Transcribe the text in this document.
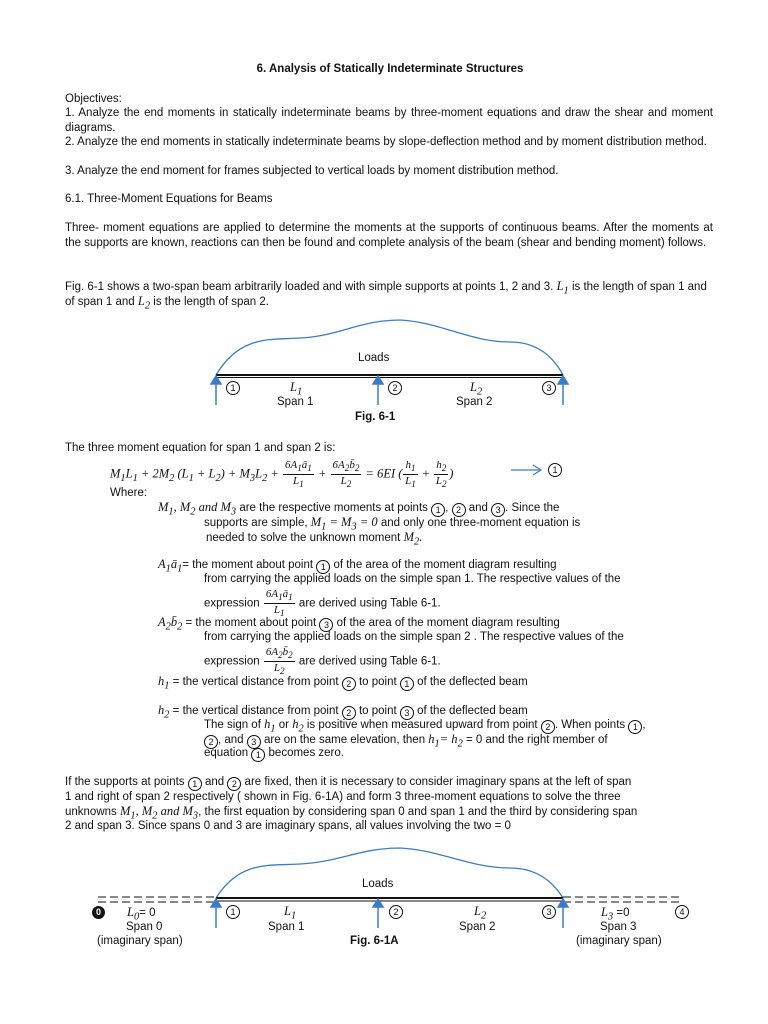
6. Analysis of Statically Indeterminate Structures
Objectives:
1. Analyze the end moments in statically indeterminate beams by three-moment equations and draw the shear and moment diagrams.
2. Analyze the end moments in statically indeterminate beams by slope-deflection method and by moment distribution method.
3. Analyze the end moment for frames subjected to vertical loads by moment distribution method.
6.1. Three-Moment Equations for Beams
Three- moment equations are applied to determine the moments at the supports of continuous beams. After the moments at the supports are known, reactions can then be found and complete analysis of the beam (shear and bending moment) follows.
Fig. 6-1 shows a two-span beam arbitrarily loaded and with simple supports at points 1, 2 and 3. $L_1$ is the length of span 1 and
of span 1 and $L_2$ is the length of span 2.
Loads
1	2	3
$L_1$	$L_2$
Span 1	Span 2
Fig. 6-1
The three moment equation for span 1 and span 2 is:
$M_1L_1 + 2M_2$ $(L_1 + L_2) + M_3L_2 + \frac{6A_1ā_1}{L_1} + \frac{6A_2b̄_2}{L_2} = 6EI$ ( $\frac{h_1}{L_1} + \frac{h_2}{L_2}$ )	1
Where:
$M_1$, $M_2$ and $M_3$ are the respective moments at points 1 , 2 and 3 . Since the
supports are simple, $M_1 = M_3 = 0$ and only one three-moment equation is
needed to solve the unknown moment $M_2$.
$A_1ā_1=$ the moment about point 1 of the area of the moment diagram resulting
from carrying the applied loads on the simple span 1. The respective values of the
expression $\frac{6A_1ā_1}{L_1}$ are derived using Table 6-1.
$A_2b̄_2$ = the moment about point 3 of the area of the moment diagram resulting
from carrying the applied loads on the simple span 2 . The respective values of the
expression $\frac{6A_2b̄_2}{L_2}$ are derived using Table 6-1.
$h_1$ = the vertical distance from point 2 to point 1 of the deflected beam
$h_2$ = the vertical distance from point 2 to point 3 of the deflected beam
The sign of $h_1$ or $h_2$ is positive when measured upward from point 2 . When points 1 ,
2 , and 3 are on the same elevation, then $h_1= h_2 = 0$ and the right member of
equation 1 becomes zero.
If the supports at points 1 and 2 are fixed, then it is necessary to consider imaginary spans at the left of span
1 and right of span 2 respectively ( shown in Fig. 6-1A) and form 3 three-moment equations to solve the three
unknowns $M_1$, $M_2$ and $M_3$, the first equation by considering span 0 and span 1 and the third by considering span
2 and span 3. Since spans 0 and 3 are imaginary spans, all values involving the two = 0
Loads
0	$L_0= 0$
Span 0
(imaginary span)
1	$L_1$
Span 1
2	$L_2$
Span 2
3	$L_3 =0$	4
Span 3
(imaginary span)
Fig. 6-1A
